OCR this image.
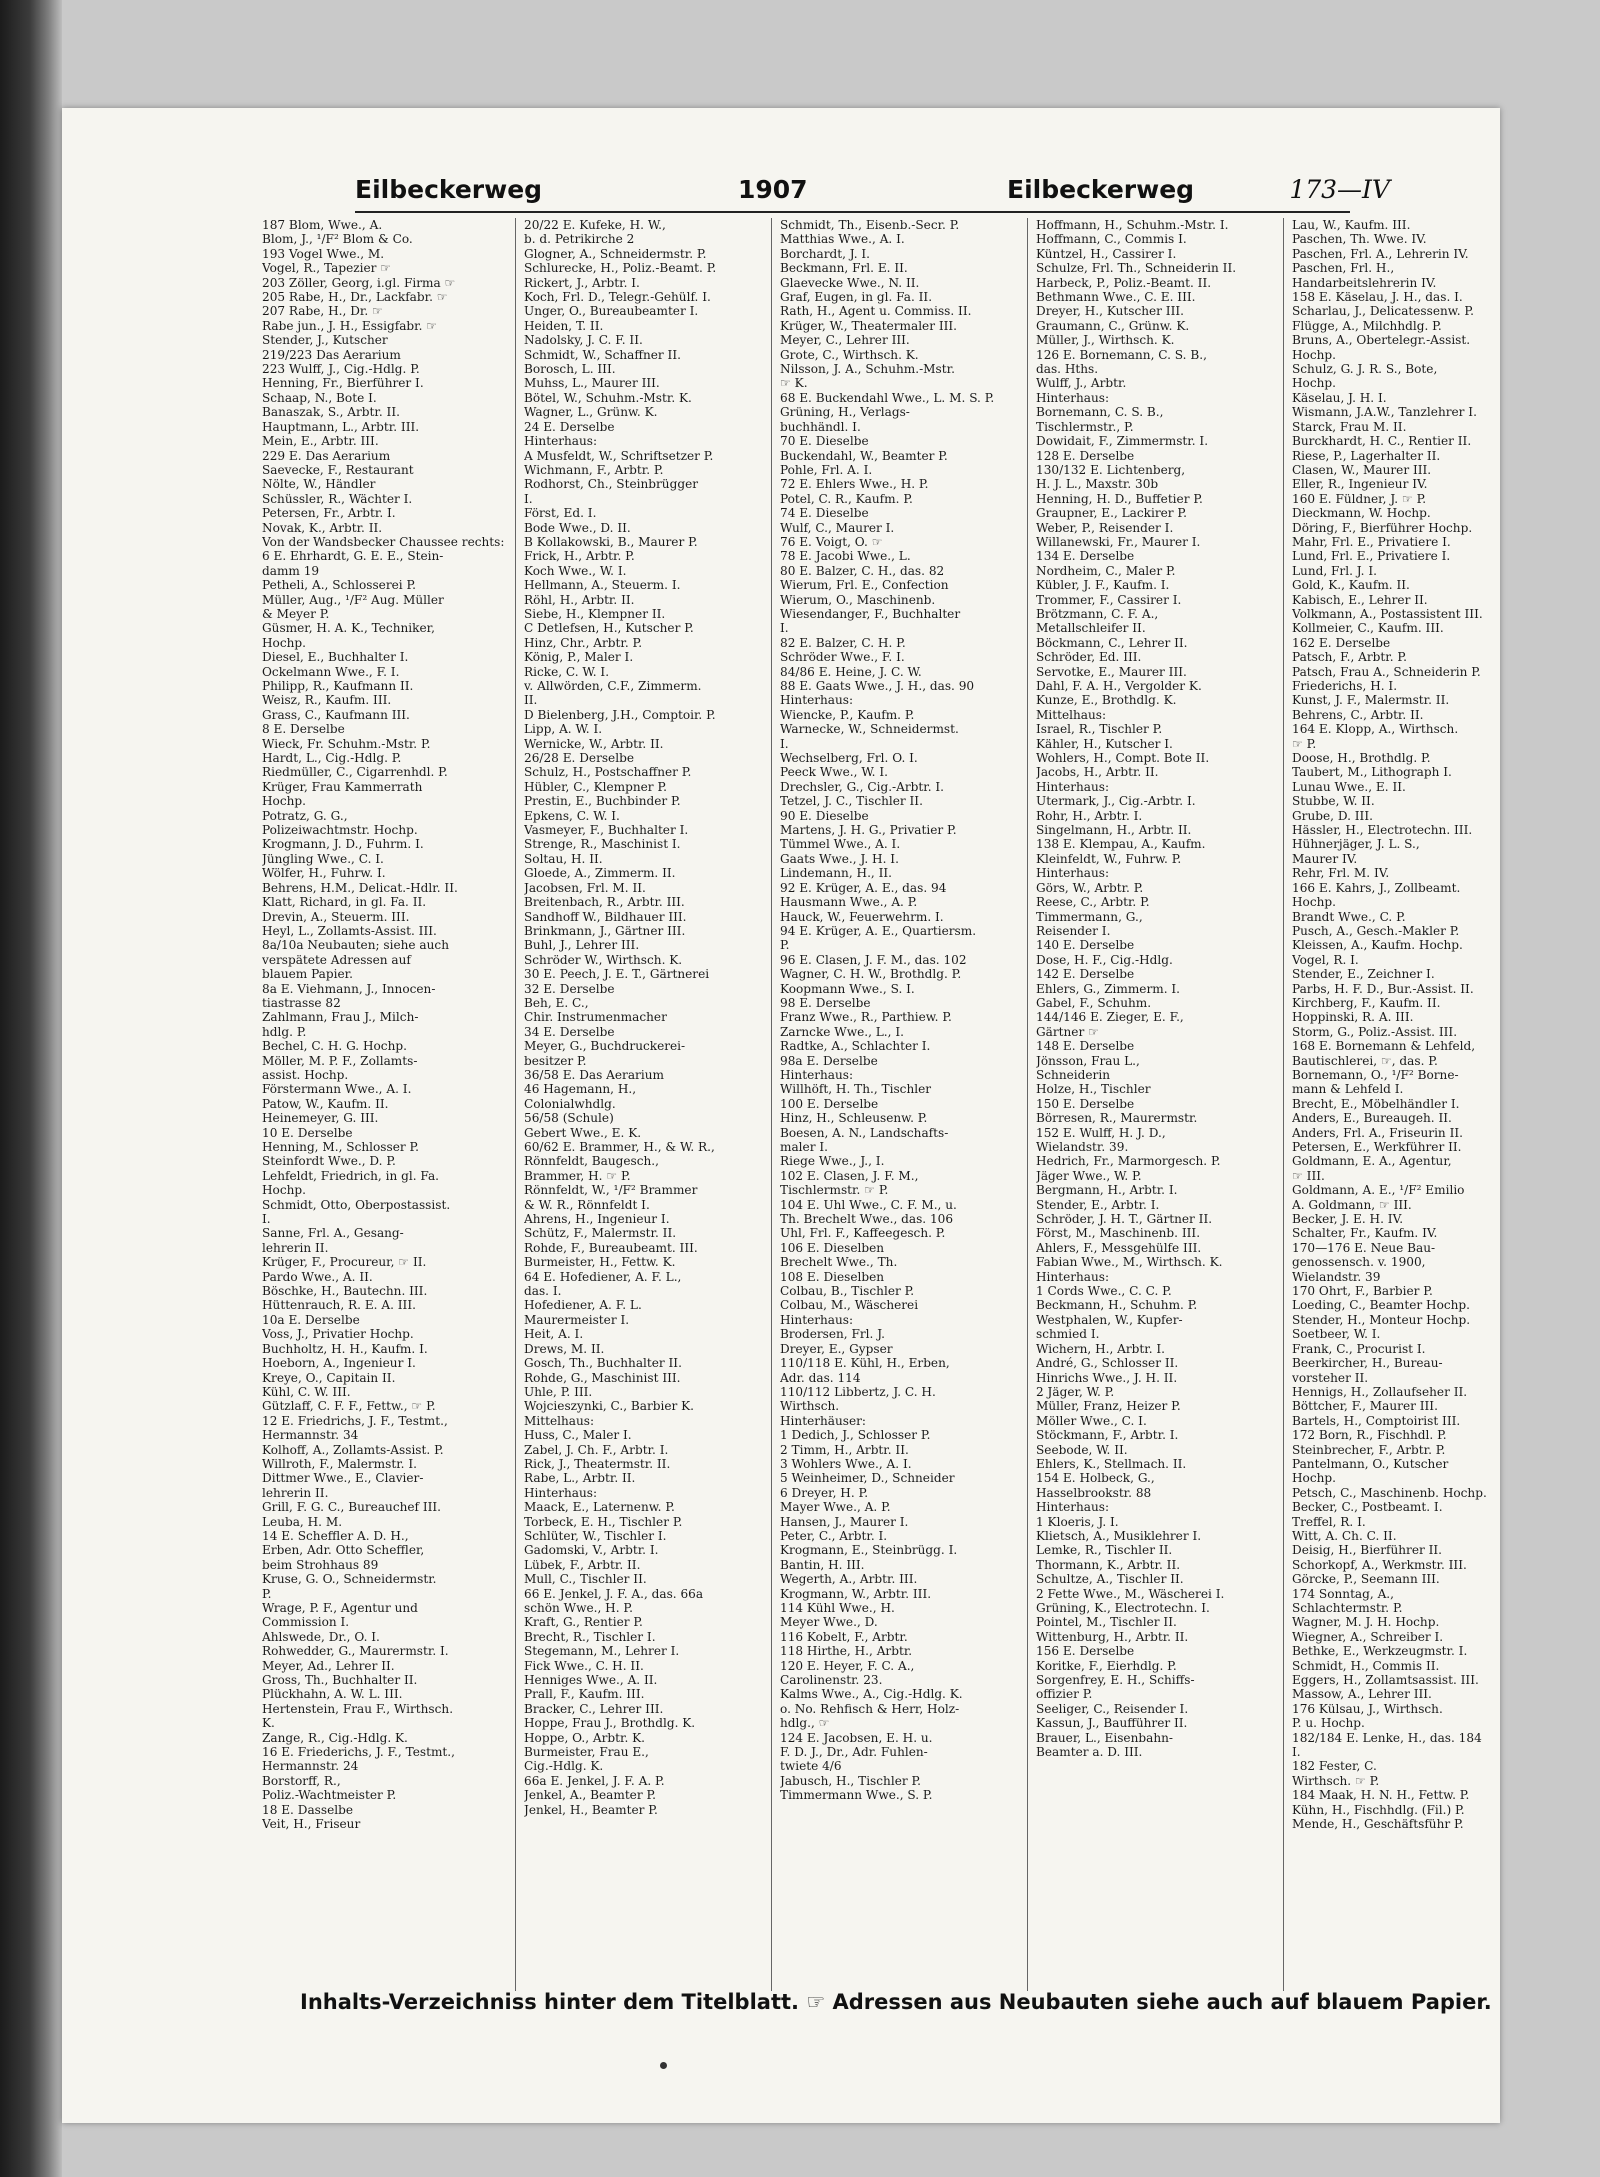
Eilbeckerweg	1907	Eilbeckerweg	173—IV
187 Blom, Wwe., A.
Blom, J., ¹/F² Blom & Co.
193 Vogel Wwe., M.
Vogel, R., Tapezier ☞
203 Zöller, Georg, i.gl. Firma ☞
205 Rabe, H., Dr., Lackfabr. ☞
207 Rabe, H., Dr. ☞
Rabe jun., J. H., Essigfabr. ☞
Stender, J., Kutscher
219/223 Das Aerarium
223 Wulff, J., Cig.-Hdlg. P.
Henning, Fr., Bierführer I.
Schaap, N., Bote I.
Banaszak, S., Arbtr. II.
Hauptmann, L., Arbtr. III.
Mein, E., Arbtr. III.
229 E. Das Aerarium
Saevecke, F., Restaurant
Nölte, W., Händler
Schüssler, R., Wächter I.
Petersen, Fr., Arbtr. I.
Novak, K., Arbtr. II.
Von der Wandsbecker Chaussee rechts:
6 E. Ehrhardt, G. E. E., Stein-
damm 19
Petheli, A., Schlosserei P.
Müller, Aug., ¹/F² Aug. Müller
& Meyer P.
Güsmer, H. A. K., Techniker,
Hochp.
Diesel, E., Buchhalter I.
Ockelmann Wwe., F. I.
Philipp, R., Kaufmann II.
Weisz, R., Kaufm. III.
Grass, C., Kaufmann III.
8 E. Derselbe
Wieck, Fr. Schuhm.-Mstr. P.
Hardt, L., Cig.-Hdlg. P.
Riedmüller, C., Cigarrenhdl. P.
Krüger, Frau Kammerrath
Hochp.
Potratz, G. G.,
Polizeiwachtmstr. Hochp.
Krogmann, J. D., Fuhrm. I.
Jüngling Wwe., C. I.
Wölfer, H., Fuhrw. I.
Behrens, H.M., Delicat.-Hdlr. II.
Klatt, Richard, in gl. Fa. II.
Drevin, A., Steuerm. III.
Heyl, L., Zollamts-Assist. III.
8a/10a Neubauten; siehe auch
verspätete Adressen auf
blauem Papier.
8a E. Viehmann, J., Innocen-
tiastrasse 82
Zahlmann, Frau J., Milch-
hdlg. P.
Bechel, C. H. G. Hochp.
Möller, M. P. F., Zollamts-
assist. Hochp.
Förstermann Wwe., A. I.
Patow, W., Kaufm. II.
Heinemeyer, G. III.
10 E. Derselbe
Henning, M., Schlosser P.
Steinfordt Wwe., D. P.
Lehfeldt, Friedrich, in gl. Fa.
Hochp.
Schmidt, Otto, Oberpostassist.
I.
Sanne, Frl. A., Gesang-
lehrerin II.
Krüger, F., Procureur, ☞ II.
Pardo Wwe., A. II.
Böschke, H., Bautechn. III.
Hüttenrauch, R. E. A. III.
10a E. Derselbe
Voss, J., Privatier Hochp.
Buchholtz, H. H., Kaufm. I.
Hoeborn, A., Ingenieur I.
Kreye, O., Capitain II.
Kühl, C. W. III.
Gützlaff, C. F. F., Fettw., ☞ P.
12 E. Friedrichs, J. F., Testmt.,
Hermannstr. 34
Kolhoff, A., Zollamts-Assist. P.
Willroth, F., Malermstr. I.
Dittmer Wwe., E., Clavier-
lehrerin II.
Grill, F. G. C., Bureauchef III.
Leuba, H. M.
14 E. Scheffler A. D. H.,
Erben, Adr. Otto Scheffler,
beim Strohhaus 89
Kruse, G. O., Schneidermstr.
P.
Wrage, P. F., Agentur und
Commission I.
Ahlswede, Dr., O. I.
Rohwedder, G., Maurermstr. I.
Meyer, Ad., Lehrer II.
Gross, Th., Buchhalter II.
Plückhahn, A. W. L. III.
Hertenstein, Frau F., Wirthsch.
K.
Zange, R., Cig.-Hdlg. K.
16 E. Friederichs, J. F., Testmt.,
Hermannstr. 24
Borstorff, R.,
Poliz.-Wachtmeister P.
18 E. Dasselbe
Veit, H., Friseur
20/22 E. Kufeke, H. W.,
b. d. Petrikirche 2
Glogner, A., Schneidermstr. P.
Schlurecke, H., Poliz.-Beamt. P.
Rickert, J., Arbtr. I.
Koch, Frl. D., Telegr.-Gehülf. I.
Unger, O., Bureaubeamter I.
Heiden, T. II.
Nadolsky, J. C. F. II.
Schmidt, W., Schaffner II.
Borosch, L. III.
Muhss, L., Maurer III.
Bötel, W., Schuhm.-Mstr. K.
Wagner, L., Grünw. K.
24 E. Derselbe
Hinterhaus:
A Musfeldt, W., Schriftsetzer P.
Wichmann, F., Arbtr. P.
Rodhorst, Ch., Steinbrügger
I.
Först, Ed. I.
Bode Wwe., D. II.
B Kollakowski, B., Maurer P.
Frick, H., Arbtr. P.
Koch Wwe., W. I.
Hellmann, A., Steuerm. I.
Röhl, H., Arbtr. II.
Siebe, H., Klempner II.
C Detlefsen, H., Kutscher P.
Hinz, Chr., Arbtr. P.
König, P., Maler I.
Ricke, C. W. I.
v. Allwörden, C.F., Zimmerm.
II.
D Bielenberg, J.H., Comptoir. P.
Lipp, A. W. I.
Wernicke, W., Arbtr. II.
26/28 E. Derselbe
Schulz, H., Postschaffner P.
Hübler, C., Klempner P.
Prestin, E., Buchbinder P.
Epkens, C. W. I.
Vasmeyer, F., Buchhalter I.
Strenge, R., Maschinist I.
Soltau, H. II.
Gloede, A., Zimmerm. II.
Jacobsen, Frl. M. II.
Breitenbach, R., Arbtr. III.
Sandhoff W., Bildhauer III.
Brinkmann, J., Gärtner III.
Buhl, J., Lehrer III.
Schröder W., Wirthsch. K.
30 E. Peech, J. E. T., Gärtnerei
32 E. Derselbe
Beh, E. C.,
Chir. Instrumenmacher
34 E. Derselbe
Meyer, G., Buchdruckerei-
besitzer P.
36/58 E. Das Aerarium
46 Hagemann, H.,
Colonialwhdlg.
56/58 (Schule)
Gebert Wwe., E. K.
60/62 E. Brammer, H., & W. R.,
Rönnfeldt, Baugesch.,
Brammer, H. ☞ P.
Rönnfeldt, W., ¹/F² Brammer
& W. R., Rönnfeldt I.
Ahrens, H., Ingenieur I.
Schütz, F., Malermstr. II.
Rohde, F., Bureaubeamt. III.
Burmeister, H., Fettw. K.
64 E. Hofediener, A. F. L.,
das. I.
Hofediener, A. F. L.
Maurermeister I.
Heit, A. I.
Drews, M. II.
Gosch, Th., Buchhalter II.
Rohde, G., Maschinist III.
Uhle, P. III.
Wojcieszynki, C., Barbier K.
Mittelhaus:
Huss, C., Maler I.
Zabel, J. Ch. F., Arbtr. I.
Rick, J., Theatermstr. II.
Rabe, L., Arbtr. II.
Hinterhaus:
Maack, E., Laternenw. P.
Torbeck, E. H., Tischler P.
Schlüter, W., Tischler I.
Gadomski, V., Arbtr. I.
Lübek, F., Arbtr. II.
Mull, C., Tischler II.
66 E. Jenkel, J. F. A., das. 66a
schön Wwe., H. P.
Kraft, G., Rentier P.
Brecht, R., Tischler I.
Stegemann, M., Lehrer I.
Fick Wwe., C. H. II.
Henniges Wwe., A. II.
Prall, F., Kaufm. III.
Bracker, C., Lehrer III.
Hoppe, Frau J., Brothdlg. K.
Hoppe, O., Arbtr. K.
Burmeister, Frau E.,
Cig.-Hdlg. K.
66a E. Jenkel, J. F. A. P.
Jenkel, A., Beamter P.
Jenkel, H., Beamter P.
Schmidt, Th., Eisenb.-Secr. P.
Matthias Wwe., A. I.
Borchardt, J. I.
Beckmann, Frl. E. II.
Glaevecke Wwe., N. II.
Graf, Eugen, in gl. Fa. II.
Rath, H., Agent u. Commiss. II.
Krüger, W., Theatermaler III.
Meyer, C., Lehrer III.
Grote, C., Wirthsch. K.
Nilsson, J. A., Schuhm.-Mstr.
☞ K.
68 E. Buckendahl Wwe., L. M. S. P.
Grüning, H., Verlags-
buchhändl. I.
70 E. Dieselbe
Buckendahl, W., Beamter P.
Pohle, Frl. A. I.
72 E. Ehlers Wwe., H. P.
Potel, C. R., Kaufm. P.
74 E. Dieselbe
Wulf, C., Maurer I.
76 E. Voigt, O. ☞
78 E. Jacobi Wwe., L.
80 E. Balzer, C. H., das. 82
Wierum, Frl. E., Confection
Wierum, O., Maschinenb.
Wiesendanger, F., Buchhalter
I.
82 E. Balzer, C. H. P.
Schröder Wwe., F. I.
84/86 E. Heine, J. C. W.
88 E. Gaats Wwe., J. H., das. 90
Hinterhaus:
Wiencke, P., Kaufm. P.
Warnecke, W., Schneidermst.
I.
Wechselberg, Frl. O. I.
Peeck Wwe., W. I.
Drechsler, G., Cig.-Arbtr. I.
Tetzel, J. C., Tischler II.
90 E. Dieselbe
Martens, J. H. G., Privatier P.
Tümmel Wwe., A. I.
Gaats Wwe., J. H. I.
Lindemann, H., II.
92 E. Krüger, A. E., das. 94
Hausmann Wwe., A. P.
Hauck, W., Feuerwehrm. I.
94 E. Krüger, A. E., Quartiersm.
P.
96 E. Clasen, J. F. M., das. 102
Wagner, C. H. W., Brothdlg. P.
Koopmann Wwe., S. I.
98 E. Derselbe
Franz Wwe., R., Parthiew. P.
Zarncke Wwe., L., I.
Radtke, A., Schlachter I.
98a E. Derselbe
Hinterhaus:
Willhöft, H. Th., Tischler
100 E. Derselbe
Hinz, H., Schleusenw. P.
Boesen, A. N., Landschafts-
maler I.
Riege Wwe., J., I.
102 E. Clasen, J. F. M.,
Tischlermstr. ☞ P.
104 E. Uhl Wwe., C. F. M., u.
Th. Brechelt Wwe., das. 106
Uhl, Frl. F., Kaffeegesch. P.
106 E. Dieselben
Brechelt Wwe., Th.
108 E. Dieselben
Colbau, B., Tischler P.
Colbau, M., Wäscherei
Hinterhaus:
Brodersen, Frl. J.
Dreyer, E., Gypser
110/118 E. Kühl, H., Erben,
Adr. das. 114
110/112 Libbertz, J. C. H.
Wirthsch.
Hinterhäuser:
1 Dedich, J., Schlosser P.
2 Timm, H., Arbtr. II.
3 Wohlers Wwe., A. I.
5 Weinheimer, D., Schneider
6 Dreyer, H. P.
Mayer Wwe., A. P.
Hansen, J., Maurer I.
Peter, C., Arbtr. I.
Krogmann, E., Steinbrügg. I.
Bantin, H. III.
Wegerth, A., Arbtr. III.
Krogmann, W., Arbtr. III.
114 Kühl Wwe., H.
Meyer Wwe., D.
116 Kobelt, F., Arbtr.
118 Hirthe, H., Arbtr.
120 E. Heyer, F. C. A.,
Carolinenstr. 23.
Kalms Wwe., A., Cig.-Hdlg. K.
o. No. Rehfisch & Herr, Holz-
hdlg., ☞
124 E. Jacobsen, E. H. u.
F. D. J., Dr., Adr. Fuhlen-
twiete 4/6
Jabusch, H., Tischler P.
Timmermann Wwe., S. P.
Hoffmann, H., Schuhm.-Mstr. I.
Hoffmann, C., Commis I.
Küntzel, H., Cassirer I.
Schulze, Frl. Th., Schneiderin II.
Harbeck, P., Poliz.-Beamt. II.
Bethmann Wwe., C. E. III.
Dreyer, H., Kutscher III.
Graumann, C., Grünw. K.
Müller, J., Wirthsch. K.
126 E. Bornemann, C. S. B.,
das. Hths.
Wulff, J., Arbtr.
Hinterhaus:
Bornemann, C. S. B.,
Tischlermstr., P.
Dowidait, F., Zimmermstr. I.
128 E. Derselbe
130/132 E. Lichtenberg,
H. J. L., Maxstr. 30b
Henning, H. D., Buffetier P.
Graupner, E., Lackirer P.
Weber, P., Reisender I.
Willanewski, Fr., Maurer I.
134 E. Derselbe
Nordheim, C., Maler P.
Kübler, J. F., Kaufm. I.
Trommer, F., Cassirer I.
Brötzmann, C. F. A.,
Metallschleifer II.
Böckmann, C., Lehrer II.
Schröder, Ed. III.
Servotke, E., Maurer III.
Dahl, F. A. H., Vergolder K.
Kunze, E., Brothdlg. K.
Mittelhaus:
Israel, R., Tischler P.
Kähler, H., Kutscher I.
Wohlers, H., Compt. Bote II.
Jacobs, H., Arbtr. II.
Hinterhaus:
Utermark, J., Cig.-Arbtr. I.
Rohr, H., Arbtr. I.
Singelmann, H., Arbtr. II.
138 E. Klempau, A., Kaufm.
Kleinfeldt, W., Fuhrw. P.
Hinterhaus:
Görs, W., Arbtr. P.
Reese, C., Arbtr. P.
Timmermann, G.,
Reisender I.
140 E. Derselbe
Dose, H. F., Cig.-Hdlg.
142 E. Derselbe
Ehlers, G., Zimmerm. I.
Gabel, F., Schuhm.
144/146 E. Zieger, E. F.,
Gärtner ☞
148 E. Derselbe
Jönsson, Frau L.,
Schneiderin
Holze, H., Tischler
150 E. Derselbe
Börresen, R., Maurermstr.
152 E. Wulff, H. J. D.,
Wielandstr. 39.
Hedrich, Fr., Marmorgesch. P.
Jäger Wwe., W. P.
Bergmann, H., Arbtr. I.
Stender, E., Arbtr. I.
Schröder, J. H. T., Gärtner II.
Först, M., Maschinenb. III.
Ahlers, F., Messgehülfe III.
Fabian Wwe., M., Wirthsch. K.
Hinterhaus:
1 Cords Wwe., C. C. P.
Beckmann, H., Schuhm. P.
Westphalen, W., Kupfer-
schmied I.
Wichern, H., Arbtr. I.
André, G., Schlosser II.
Hinrichs Wwe., J. H. II.
2 Jäger, W. P.
Müller, Franz, Heizer P.
Möller Wwe., C. I.
Stöckmann, F., Arbtr. I.
Seebode, W. II.
Ehlers, K., Stellmach. II.
154 E. Holbeck, G.,
Hasselbrookstr. 88
Hinterhaus:
1 Kloeris, J. I.
Klietsch, A., Musiklehrer I.
Lemke, R., Tischler II.
Thormann, K., Arbtr. II.
Schultze, A., Tischler II.
2 Fette Wwe., M., Wäscherei I.
Grüning, K., Electrotechn. I.
Pointel, M., Tischler II.
Wittenburg, H., Arbtr. II.
156 E. Derselbe
Koritke, F., Eierhdlg. P.
Sorgenfrey, E. H., Schiffs-
offizier P.
Seeliger, C., Reisender I.
Kassun, J., Baufführer II.
Brauer, L., Eisenbahn-
Beamter a. D. III.
Lau, W., Kaufm. III.
Paschen, Th. Wwe. IV.
Paschen, Frl. A., Lehrerin IV.
Paschen, Frl. H.,
Handarbeitslehrerin IV.
158 E. Käselau, J. H., das. I.
Scharlau, J., Delicatessenw. P.
Flügge, A., Milchhdlg. P.
Bruns, A., Obertelegr.-Assist.
Hochp.
Schulz, G. J. R. S., Bote,
Hochp.
Käselau, J. H. I.
Wismann, J.A.W., Tanzlehrer I.
Starck, Frau M. II.
Burckhardt, H. C., Rentier II.
Riese, P., Lagerhalter II.
Clasen, W., Maurer III.
Eller, R., Ingenieur IV.
160 E. Füldner, J. ☞ P.
Dieckmann, W. Hochp.
Döring, F., Bierführer Hochp.
Mahr, Frl. E., Privatiere I.
Lund, Frl. E., Privatiere I.
Lund, Frl. J. I.
Gold, K., Kaufm. II.
Kabisch, E., Lehrer II.
Volkmann, A., Postassistent III.
Kollmeier, C., Kaufm. III.
162 E. Derselbe
Patsch, F., Arbtr. P.
Patsch, Frau A., Schneiderin P.
Friederichs, H. I.
Kunst, J. F., Malermstr. II.
Behrens, C., Arbtr. II.
164 E. Klopp, A., Wirthsch.
☞ P.
Doose, H., Brothdlg. P.
Taubert, M., Lithograph I.
Lunau Wwe., E. II.
Stubbe, W. II.
Grube, D. III.
Hässler, H., Electrotechn. III.
Hühnerjäger, J. L. S.,
Maurer IV.
Rehr, Frl. M. IV.
166 E. Kahrs, J., Zollbeamt.
Hochp.
Brandt Wwe., C. P.
Pusch, A., Gesch.-Makler P.
Kleissen, A., Kaufm. Hochp.
Vogel, R. I.
Stender, E., Zeichner I.
Parbs, H. F. D., Bur.-Assist. II.
Kirchberg, F., Kaufm. II.
Hoppinski, R. A. III.
Storm, G., Poliz.-Assist. III.
168 E. Bornemann & Lehfeld,
Bautischlerei, ☞, das. P.
Bornemann, O., ¹/F² Borne-
mann & Lehfeld I.
Brecht, E., Möbelhändler I.
Anders, E., Bureaugeh. II.
Anders, Frl. A., Friseurin II.
Petersen, E., Werkführer II.
Goldmann, E. A., Agentur,
☞ III.
Goldmann, A. E., ¹/F² Emilio
A. Goldmann, ☞ III.
Becker, J. E. H. IV.
Schalter, Fr., Kaufm. IV.
170—176 E. Neue Bau-
genossensch. v. 1900,
Wielandstr. 39
170 Ohrt, F., Barbier P.
Loeding, C., Beamter Hochp.
Stender, H., Monteur Hochp.
Soetbeer, W. I.
Frank, C., Procurist I.
Beerkircher, H., Bureau-
vorsteher II.
Hennigs, H., Zollaufseher II.
Böttcher, F., Maurer III.
Bartels, H., Comptoirist III.
172 Born, R., Fischhdl. P.
Steinbrecher, F., Arbtr. P.
Pantelmann, O., Kutscher
Hochp.
Petsch, C., Maschinenb. Hochp.
Becker, C., Postbeamt. I.
Treffel, R. I.
Witt, A. Ch. C. II.
Deisig, H., Bierführer II.
Schorkopf, A., Werkmstr. III.
Görcke, P., Seemann III.
174 Sonntag, A.,
Schlachtermstr. P.
Wagner, M. J. H. Hochp.
Wiegner, A., Schreiber I.
Bethke, E., Werkzeugmstr. I.
Schmidt, H., Commis II.
Eggers, H., Zollamtsassist. III.
Massow, A., Lehrer III.
176 Külsau, J., Wirthsch.
P. u. Hochp.
182/184 E. Lenke, H., das. 184
I.
182 Fester, C.
Wirthsch. ☞ P.
184 Maak, H. N. H., Fettw. P.
Kühn, H., Fischhdlg. (Fil.) P.
Mende, H., Geschäftsführ P.
Inhalts-Verzeichniss hinter dem Titelblatt. ☞ Adressen aus Neubauten siehe auch auf blauem Papier.
